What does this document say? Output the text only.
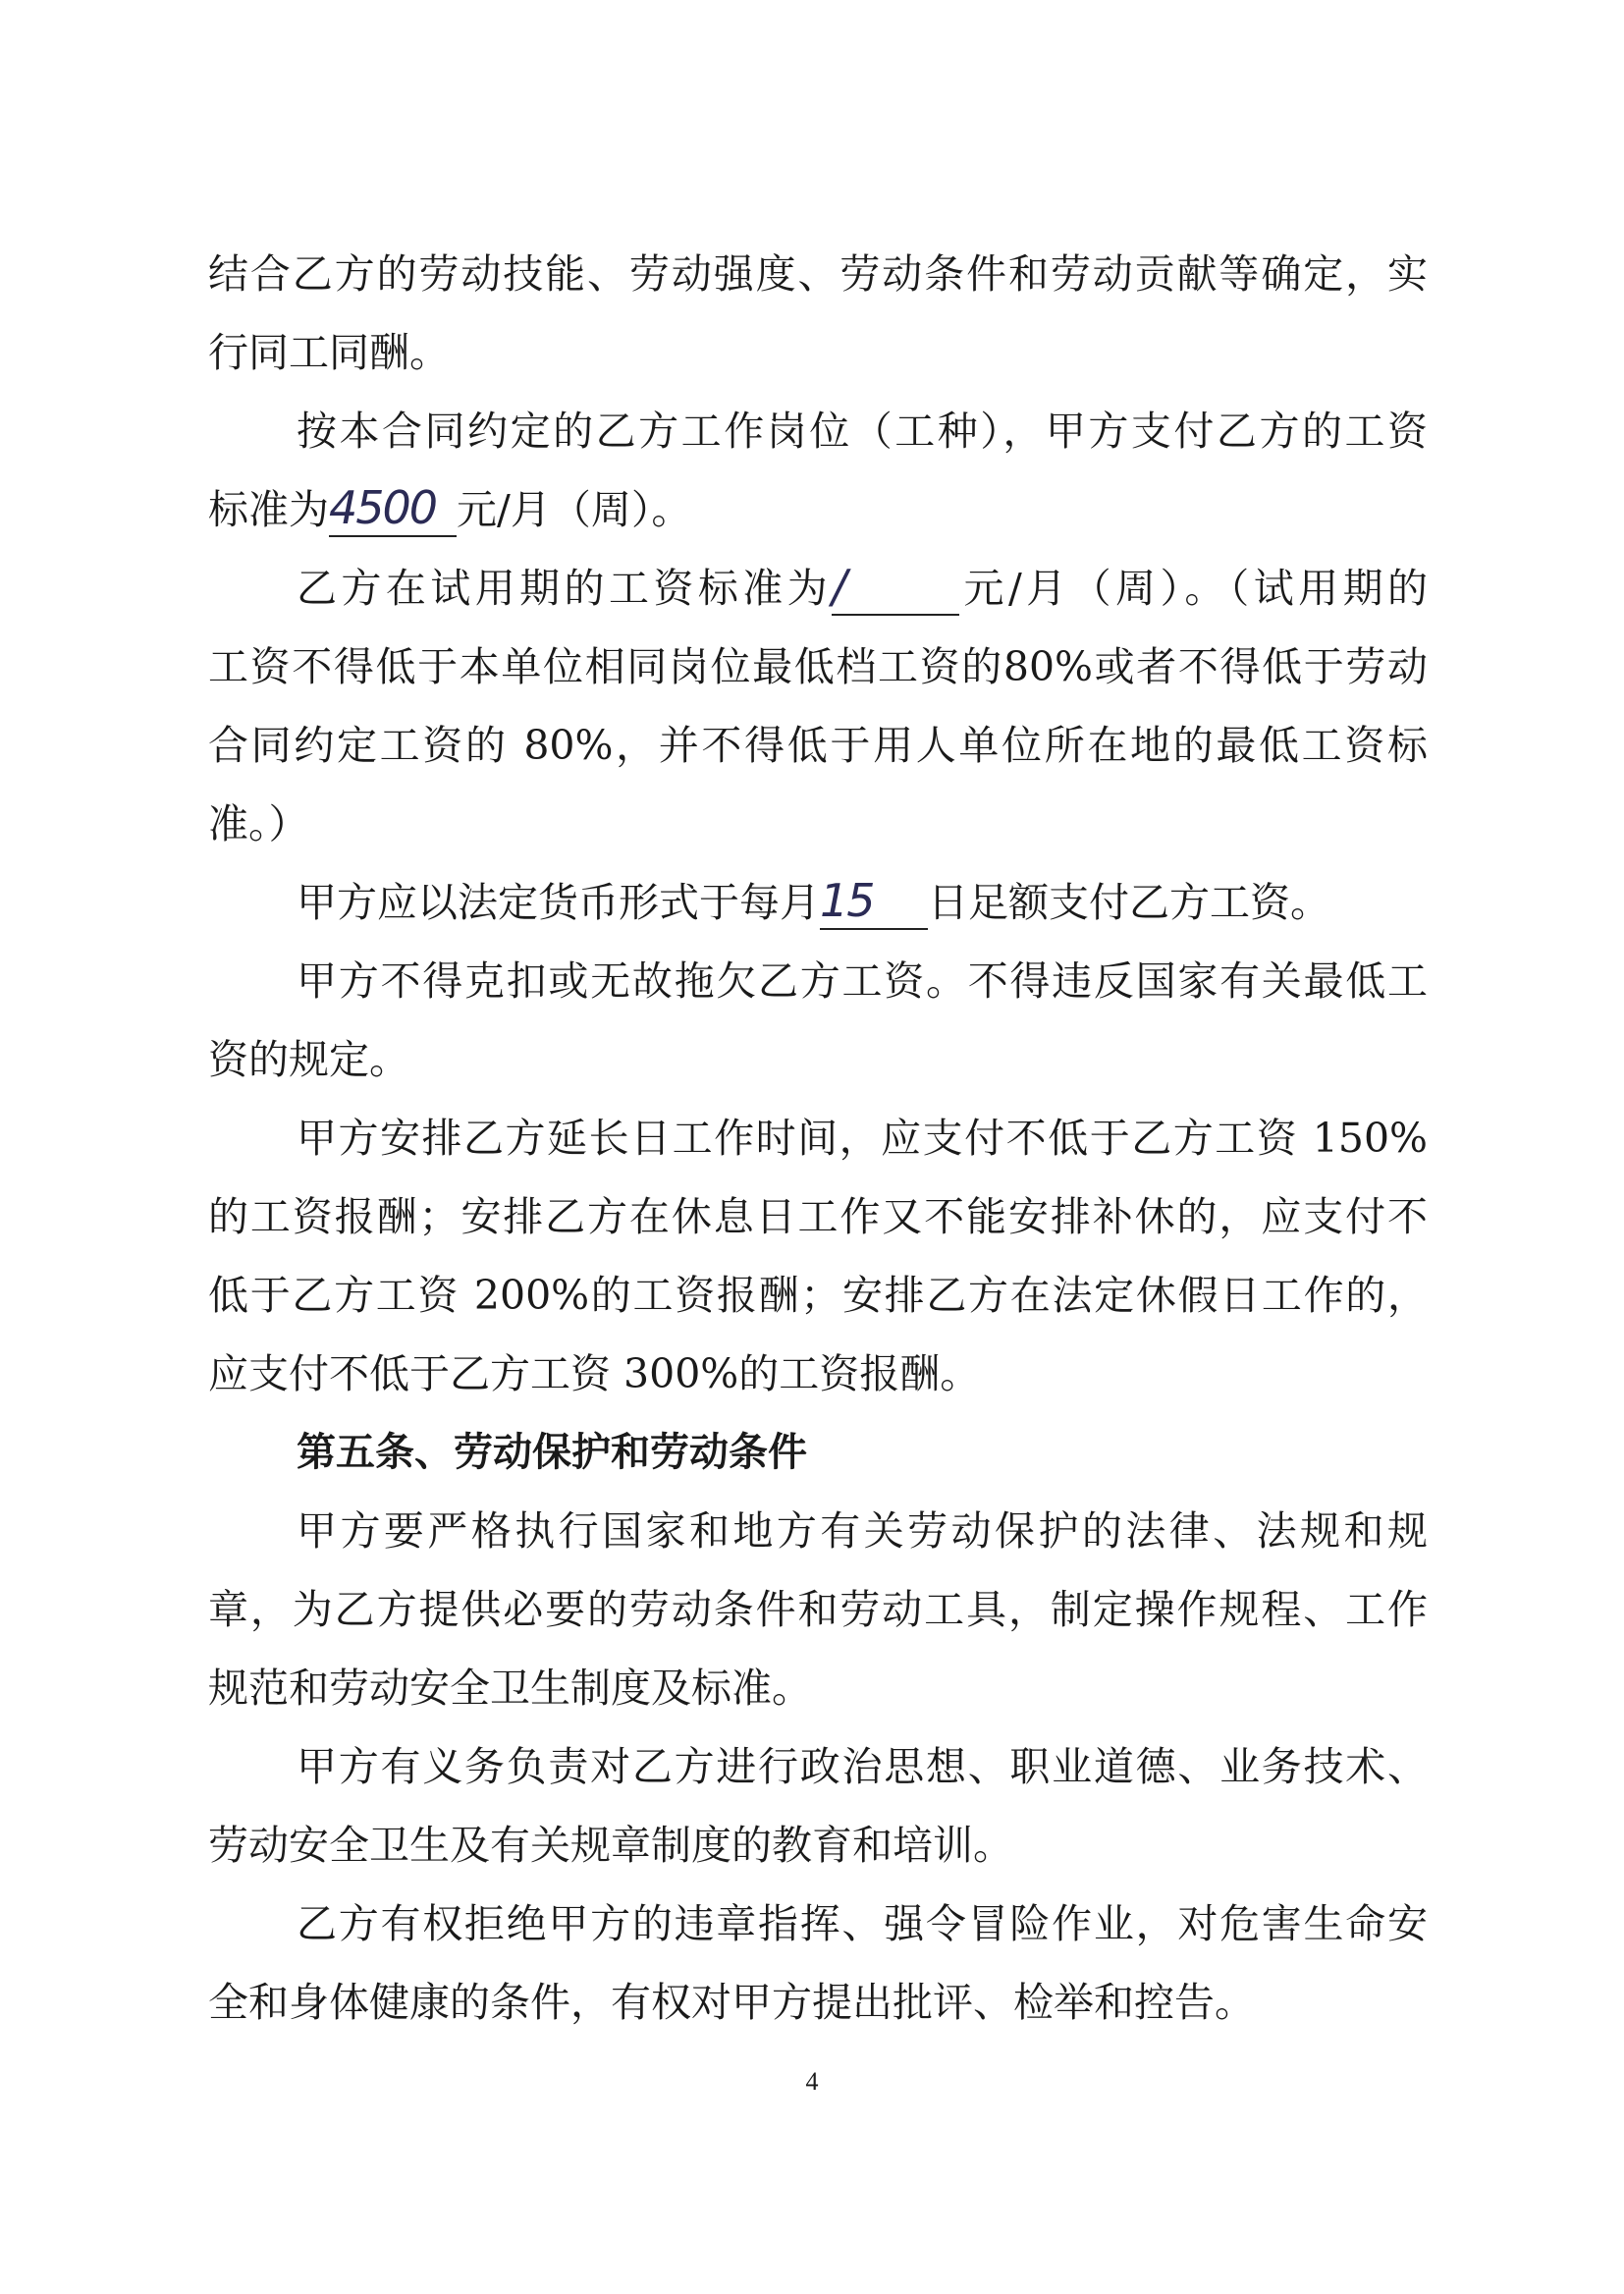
结合乙方的劳动技能、劳动强度、劳动条件和劳动贡献等确定，实
行同工同酬。
按本合同约定的乙方工作岗位（工种），甲方支付乙方的工资
标准为4500 元/月（周）。
乙方在试用期的工资标准为/	元/月（周）。（试用期的
工资不得低于本单位相同岗位最低档工资的80%或者不得低于劳动
合同约定工资的 80%，并不得低于用人单位所在地的最低工资标
准。）
甲方应以法定货币形式于每月15 日足额支付乙方工资。
甲方不得克扣或无故拖欠乙方工资。不得违反国家有关最低工
资的规定。
甲方安排乙方延长日工作时间，应支付不低于乙方工资 150%
的工资报酬；安排乙方在休息日工作又不能安排补休的，应支付不
低于乙方工资 200%的工资报酬；安排乙方在法定休假日工作的，
应支付不低于乙方工资 300%的工资报酬。
第五条、劳动保护和劳动条件
甲方要严格执行国家和地方有关劳动保护的法律、法规和规
章，为乙方提供必要的劳动条件和劳动工具，制定操作规程、工作
规范和劳动安全卫生制度及标准。
甲方有义务负责对乙方进行政治思想、职业道德、业务技术、
劳动安全卫生及有关规章制度的教育和培训。
4
乙方有权拒绝甲方的违章指挥、强令冒险作业，对危害生命安
全和身体健康的条件，有权对甲方提出批评、检举和控告。
